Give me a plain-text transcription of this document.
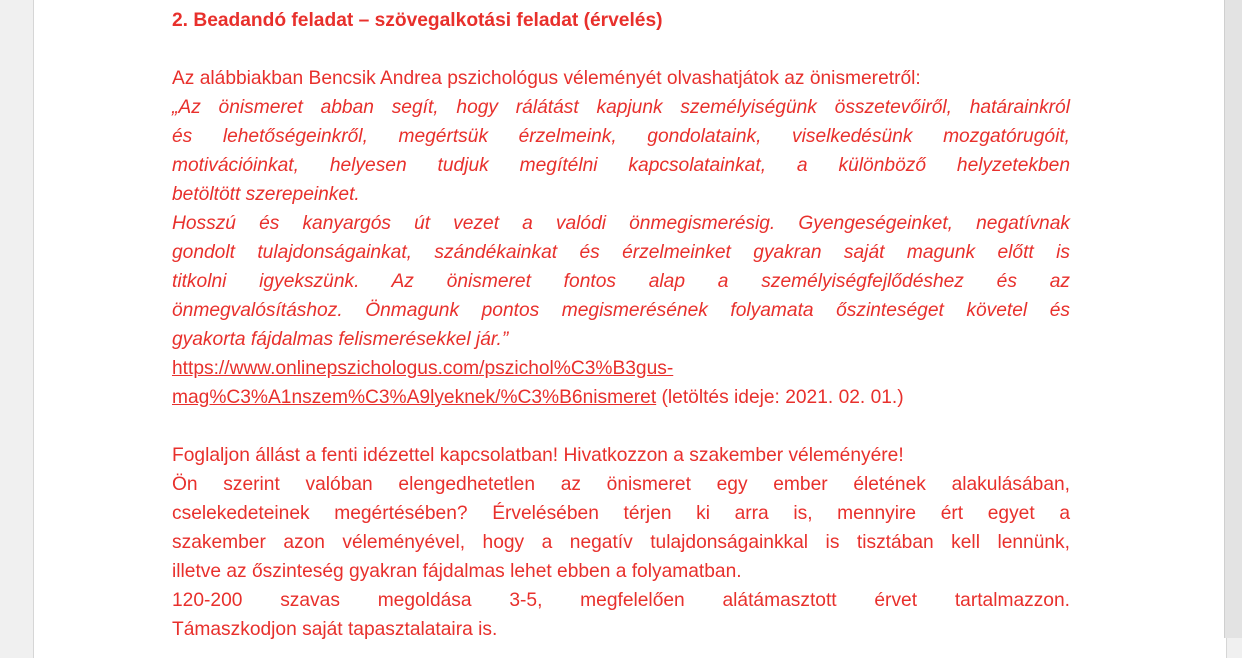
2. Beadandó feladat – szövegalkotási feladat (érvelés)

Az alábbiakban Bencsik Andrea pszichológus véleményét olvashatjátok az önismeretről:

„Az önismeret abban segít, hogy rálátást kapjunk személyiségünk összetevőiről, határainkról

és lehetőségeinkről, megértsük érzelmeink, gondolataink, viselkedésünk mozgatórugóit,

motivációinkat, helyesen tudjuk megítélni kapcsolatainkat, a különböző helyzetekben

betöltött szerepeinket.

Hosszú és kanyargós út vezet a valódi önmegismerésig. Gyengeségeinket, negatívnak

gondolt tulajdonságainkat, szándékainkat és érzelmeinket gyakran saját magunk előtt is

titkolni igyekszünk. Az önismeret fontos alap a személyiségfejlődéshez és az

önmegvalósításhoz. Önmagunk pontos megismerésének folyamata őszinteséget követel és

gyakorta fájdalmas felismerésekkel jár.”

https://www.onlinepszichologus.com/pszichol%C3%B3gus-

mag%C3%A1nszem%C3%A9lyeknek/%C3%B6nismeret (letöltés ideje: 2021. 02. 01.)

Foglaljon állást a fenti idézettel kapcsolatban! Hivatkozzon a szakember véleményére!

Ön szerint valóban elengedhetetlen az önismeret egy ember életének alakulásában,

cselekedeteinek megértésében? Érvelésében térjen ki arra is, mennyire ért egyet a

szakember azon véleményével, hogy a negatív tulajdonságainkkal is tisztában kell lennünk,

illetve az őszinteség gyakran fájdalmas lehet ebben a folyamatban.

120-200 szavas megoldása 3-5, megfelelően alátámasztott érvet tartalmazzon.

Támaszkodjon saját tapasztalataira is.
